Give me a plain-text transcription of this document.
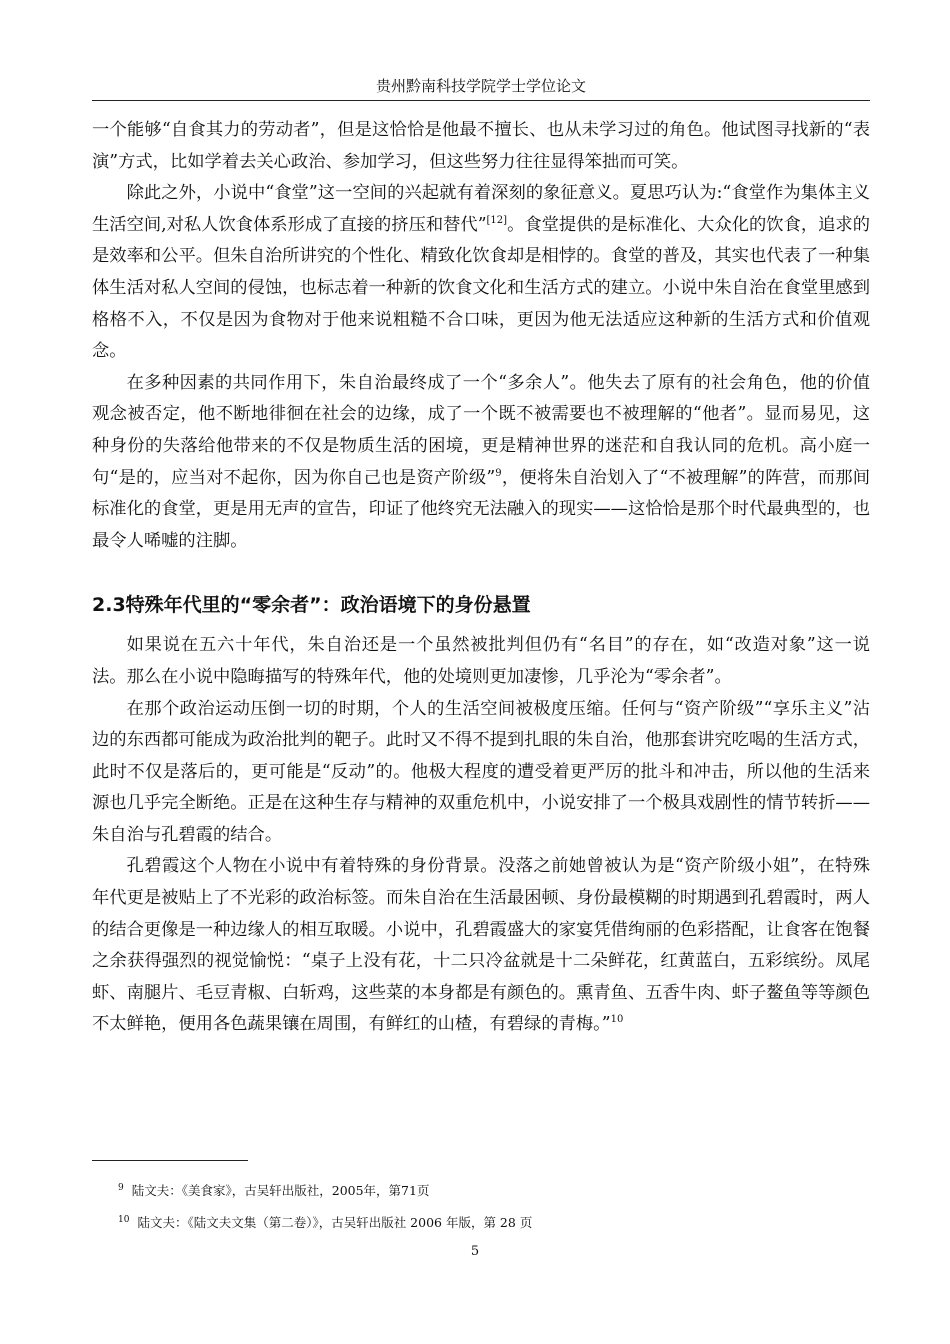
贵州黔南科技学院学士学位论文

一个能够“自食其力的劳动者”，但是这恰恰是他最不擅长、也从未学习过的角色。他试图寻找新的“表演”方式，比如学着去关心政治、参加学习，但这些努力往往显得笨拙而可笑。

除此之外，小说中“食堂”这一空间的兴起就有着深刻的象征意义。夏思巧认为:“食堂作为集体主义生活空间,对私人饮食体系形成了直接的挤压和替代”[12]。食堂提供的是标准化、大众化的饮食，追求的是效率和公平。但朱自治所讲究的个性化、精致化饮食却是相悖的。食堂的普及，其实也代表了一种集体生活对私人空间的侵蚀，也标志着一种新的饮食文化和生活方式的建立。小说中朱自治在食堂里感到格格不入，不仅是因为食物对于他来说粗糙不合口味，更因为他无法适应这种新的生活方式和价值观念。

在多种因素的共同作用下，朱自治最终成了一个“多余人”。他失去了原有的社会角色，他的价值观念被否定，他不断地徘徊在社会的边缘，成了一个既不被需要也不被理解的“他者”。显而易见，这种身份的失落给他带来的不仅是物质生活的困境，更是精神世界的迷茫和自我认同的危机。高小庭一句“是的，应当对不起你，因为你自己也是资产阶级”$^9$，便将朱自治划入了“不被理解”的阵营，而那间标准化的食堂，更是用无声的宣告，印证了他终究无法融入的现实——这恰恰是那个时代最典型的，也最令人唏嘘的注脚。

2.3特殊年代里的“零余者”：政治语境下的身份悬置

如果说在五六十年代，朱自治还是一个虽然被批判但仍有“名目”的存在，如“改造对象”这一说法。那么在小说中隐晦描写的特殊年代，他的处境则更加凄惨，几乎沦为“零余者”。

在那个政治运动压倒一切的时期，个人的生活空间被极度压缩。任何与“资产阶级”“享乐主义”沾边的东西都可能成为政治批判的靶子。此时又不得不提到扎眼的朱自治，他那套讲究吃喝的生活方式，此时不仅是落后的，更可能是“反动”的。他极大程度的遭受着更严厉的批斗和冲击，所以他的生活来源也几乎完全断绝。正是在这种生存与精神的双重危机中，小说安排了一个极具戏剧性的情节转折——朱自治与孔碧霞的结合。

孔碧霞这个人物在小说中有着特殊的身份背景。没落之前她曾被认为是“资产阶级小姐”，在特殊年代更是被贴上了不光彩的政治标签。而朱自治在生活最困顿、身份最模糊的时期遇到孔碧霞时，两人的结合更像是一种边缘人的相互取暖。小说中，孔碧霞盛大的家宴凭借绚丽的色彩搭配，让食客在饱餐之余获得强烈的视觉愉悦：“桌子上没有花，十二只冷盆就是十二朵鲜花，红黄蓝白，五彩缤纷。凤尾虾、南腿片、毛豆青椒、白斩鸡，这些菜的本身都是有颜色的。熏青鱼、五香牛肉、虾子鳌鱼等等颜色不太鲜艳，便用各色蔬果镶在周围，有鲜红的山楂，有碧绿的青梅。”$^{10}$

$^9$ 陆文夫：《美食家》，古吴轩出版社，2005年，第71页

$^{10}$ 陆文夫：《陆文夫文集（第二卷）》，古吴轩出版社 2006 年版，第 28 页

5
